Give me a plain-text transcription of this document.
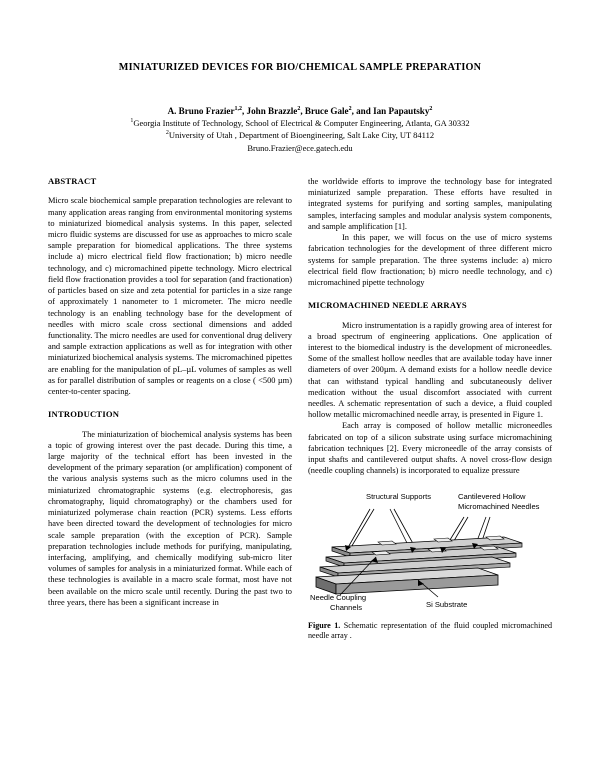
MINIATURIZED DEVICES FOR BIO/CHEMICAL SAMPLE PREPARATION
A. Bruno Frazier$^{1,2}$, John Brazzle$^2$, Bruce Gale$^2$, and Ian Papautsky$^2$
$^1$Georgia Institute of Technology, School of Electrical & Computer Engineering, Atlanta, GA 30332
$^2$University of Utah , Department of Bioengineering, Salt Lake City, UT 84112
Bruno.Frazier@ece.gatech.edu
ABSTRACT

Micro scale biochemical sample preparation technologies are relevant to many application areas ranging from environmental monitoring systems to miniaturized biomedical analysis systems. In this paper, selected micro fluidic systems are discussed for use as approaches to micro scale sample preparation for biomedical applications. The three systems include a) micro electrical field flow fractionation; b) micro needle technology, and c) micromachined pipette technology. Micro electrical field flow fractionation provides a tool for separation (and fractionation) of particles based on size and zeta potential for particles in a size range of approximately 1 nanometer to 1 micrometer. The micro needle technology is an enabling technology base for the development of needles with micro scale cross sectional dimensions and added functionality. The micro needles are used for conventional drug delivery and sample extraction applications as well as for integration with other miniaturized biochemical analysis systems. The micromachined pipettes are enabling for the manipulation of pL–µL volumes of samples as well as for parallel distribution of samples or reagents on a close ( <500 µm) center-to-center spacing.

INTRODUCTION

The miniaturization of biochemical analysis systems has been a topic of growing interest over the past decade. During this time, a large majority of the technical effort has been invested in the development of the primary separation (or amplification) component of the various analysis systems such as the micro columns used in the miniaturized chromatographic systems (e.g. electrophoresis, gas chromatography, liquid chromatography) or the chambers used for miniaturized polymerase chain reaction (PCR) systems. Less efforts have been directed toward the development of technologies for micro scale sample preparation (with the exception of PCR). Sample preparation technologies include methods for purifying, manipulating, interfacing, amplifying, and chemically modifying sub-micro liter volumes of samples for analysis in a miniaturized format. While each of these technologies is available in a macro scale format, most have not been available on the micro scale until recently. During the past two to three years, there has been a significant increase in

the worldwide efforts to improve the technology base for integrated miniaturized sample preparation. These efforts have resulted in integrated systems for purifying and sorting samples, manipulating samples, interfacing samples and modular analysis system components, and sample amplification [1].

In this paper, we will focus on the use of micro systems fabrication technologies for the development of three different micro systems for sample preparation. The three systems include: a) micro electrical field flow fractionation; b) micro needle technology, and c) micromachined pipette technology

MICROMACHINED NEEDLE ARRAYS

Micro instrumentation is a rapidly growing area of interest for a broad spectrum of engineering applications. One application of interest to the biomedical industry is the development of microneedles. Some of the smallest hollow needles that are available today have inner diameters of over 200µm. A demand exists for a hollow needle device that can withstand typical handling and subcutaneously deliver medication without the usual discomfort associated with current needles. A schematic representation of such a device, a fluid coupled hollow metallic micromachined needle array, is presented in Figure 1.

Each array is composed of hollow metallic microneedles fabricated on top of a silicon substrate using surface micromachining fabrication techniques [2]. Every microneedle of the array consists of input shafts and cantilevered output shafts. A novel cross-flow design (needle coupling channels) is incorporated to equalize pressure

Structural Supports	Cantilevered Hollow
Micromachined Needles
Needle Coupling
Channels	Si Substrate
Figure 1. Schematic representation of the fluid coupled micromachined needle array .
